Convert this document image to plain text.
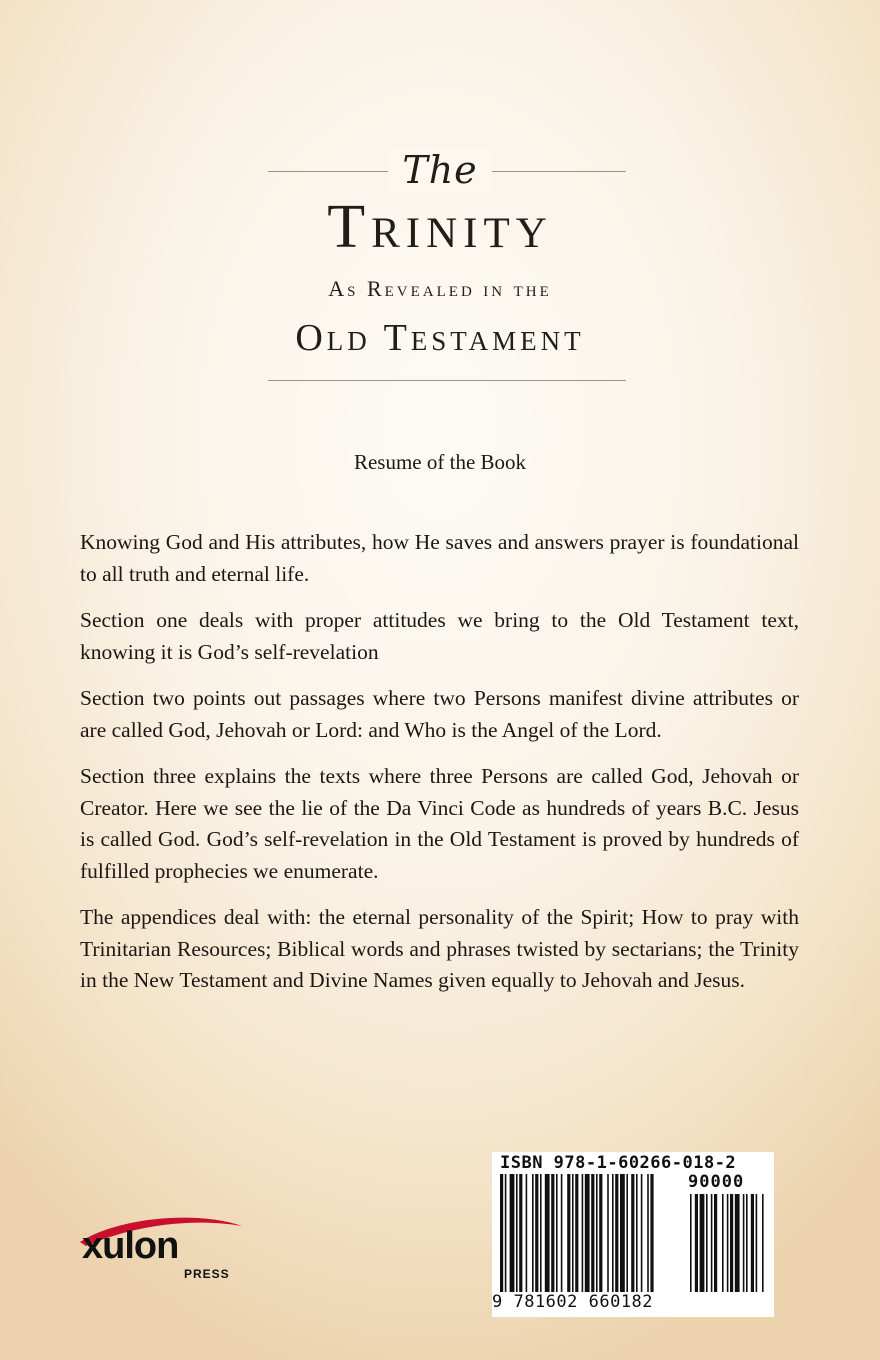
The
Trinity
As Revealed in the
Old Testament
Resume of the Book

Knowing God and His attributes, how He saves and answers prayer is foundational to all truth and eternal life.

Section one deals with proper attitudes we bring to the Old Testament text, knowing it is God’s self-revelation

Section two points out passages where two Persons manifest divine attributes or are called God, Jehovah or Lord: and Who is the Angel of the Lord.

Section three explains the texts where three Persons are called God, Jehovah or Creator. Here we see the lie of the Da Vinci Code as hundreds of years B.C. Jesus is called God. God’s self-revelation in the Old Testament is proved by hundreds of fulfilled prophecies we enumerate.

The appendices deal with: the eternal personality of the Spirit; How to pray with Trinitarian Resources; Biblical words and phrases twisted by sectarians; the Trinity in the New Testament and Divine Names given equally to Jehovah and Jesus.

xulon
PRESS
ISBN 978-1-60266-018-2
90000
9 781602 660182
